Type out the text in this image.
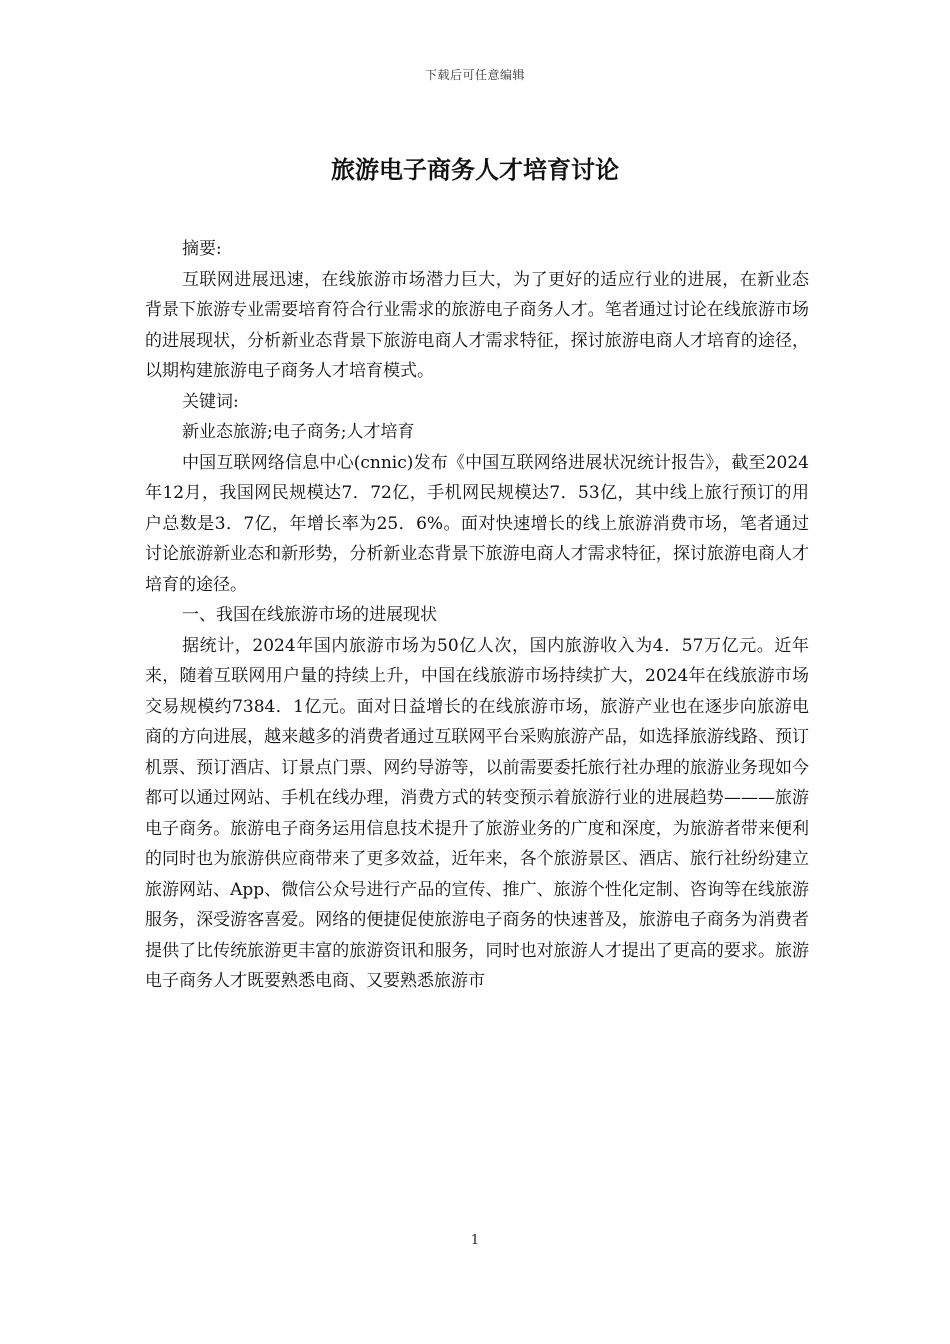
下载后可任意编辑
旅游电子商务人才培育讨论

摘要:

互联网进展迅速，在线旅游市场潜力巨大，为了更好的适应行业的进展，在新业态背景下旅游专业需要培育符合行业需求的旅游电子商务人才。笔者通过讨论在线旅游市场的进展现状，分析新业态背景下旅游电商人才需求特征，探讨旅游电商人才培育的途径，以期构建旅游电子商务人才培育模式。

关键词:

新业态旅游;电子商务;人才培育

中国互联网络信息中心(cnnic)发布《中国互联网络进展状况统计报告》，截至2024年12月，我国网民规模达7．72亿，手机网民规模达7．53亿，其中线上旅行预订的用户总数是3．7亿，年增长率为25．6%。面对快速增长的线上旅游消费市场，笔者通过讨论旅游新业态和新形势，分析新业态背景下旅游电商人才需求特征，探讨旅游电商人才培育的途径。

一、我国在线旅游市场的进展现状

据统计，2024年国内旅游市场为50亿人次，国内旅游收入为4．57万亿元。近年来，随着互联网用户量的持续上升，中国在线旅游市场持续扩大，2024年在线旅游市场交易规模约7384．1亿元。面对日益增长的在线旅游市场，旅游产业也在逐步向旅游电商的方向进展，越来越多的消费者通过互联网平台采购旅游产品，如选择旅游线路、预订机票、预订酒店、订景点门票、网约导游等，以前需要委托旅行社办理的旅游业务现如今都可以通过网站、手机在线办理，消费方式的转变预示着旅游行业的进展趋势———旅游电子商务。旅游电子商务运用信息技术提升了旅游业务的广度和深度，为旅游者带来便利的同时也为旅游供应商带来了更多效益，近年来，各个旅游景区、酒店、旅行社纷纷建立旅游网站、App、微信公众号进行产品的宣传、推广、旅游个性化定制、咨询等在线旅游服务，深受游客喜爱。网络的便捷促使旅游电子商务的快速普及，旅游电子商务为消费者提供了比传统旅游更丰富的旅游资讯和服务，同时也对旅游人才提出了更高的要求。旅游电子商务人才既要熟悉电商、又要熟悉旅游市

1
